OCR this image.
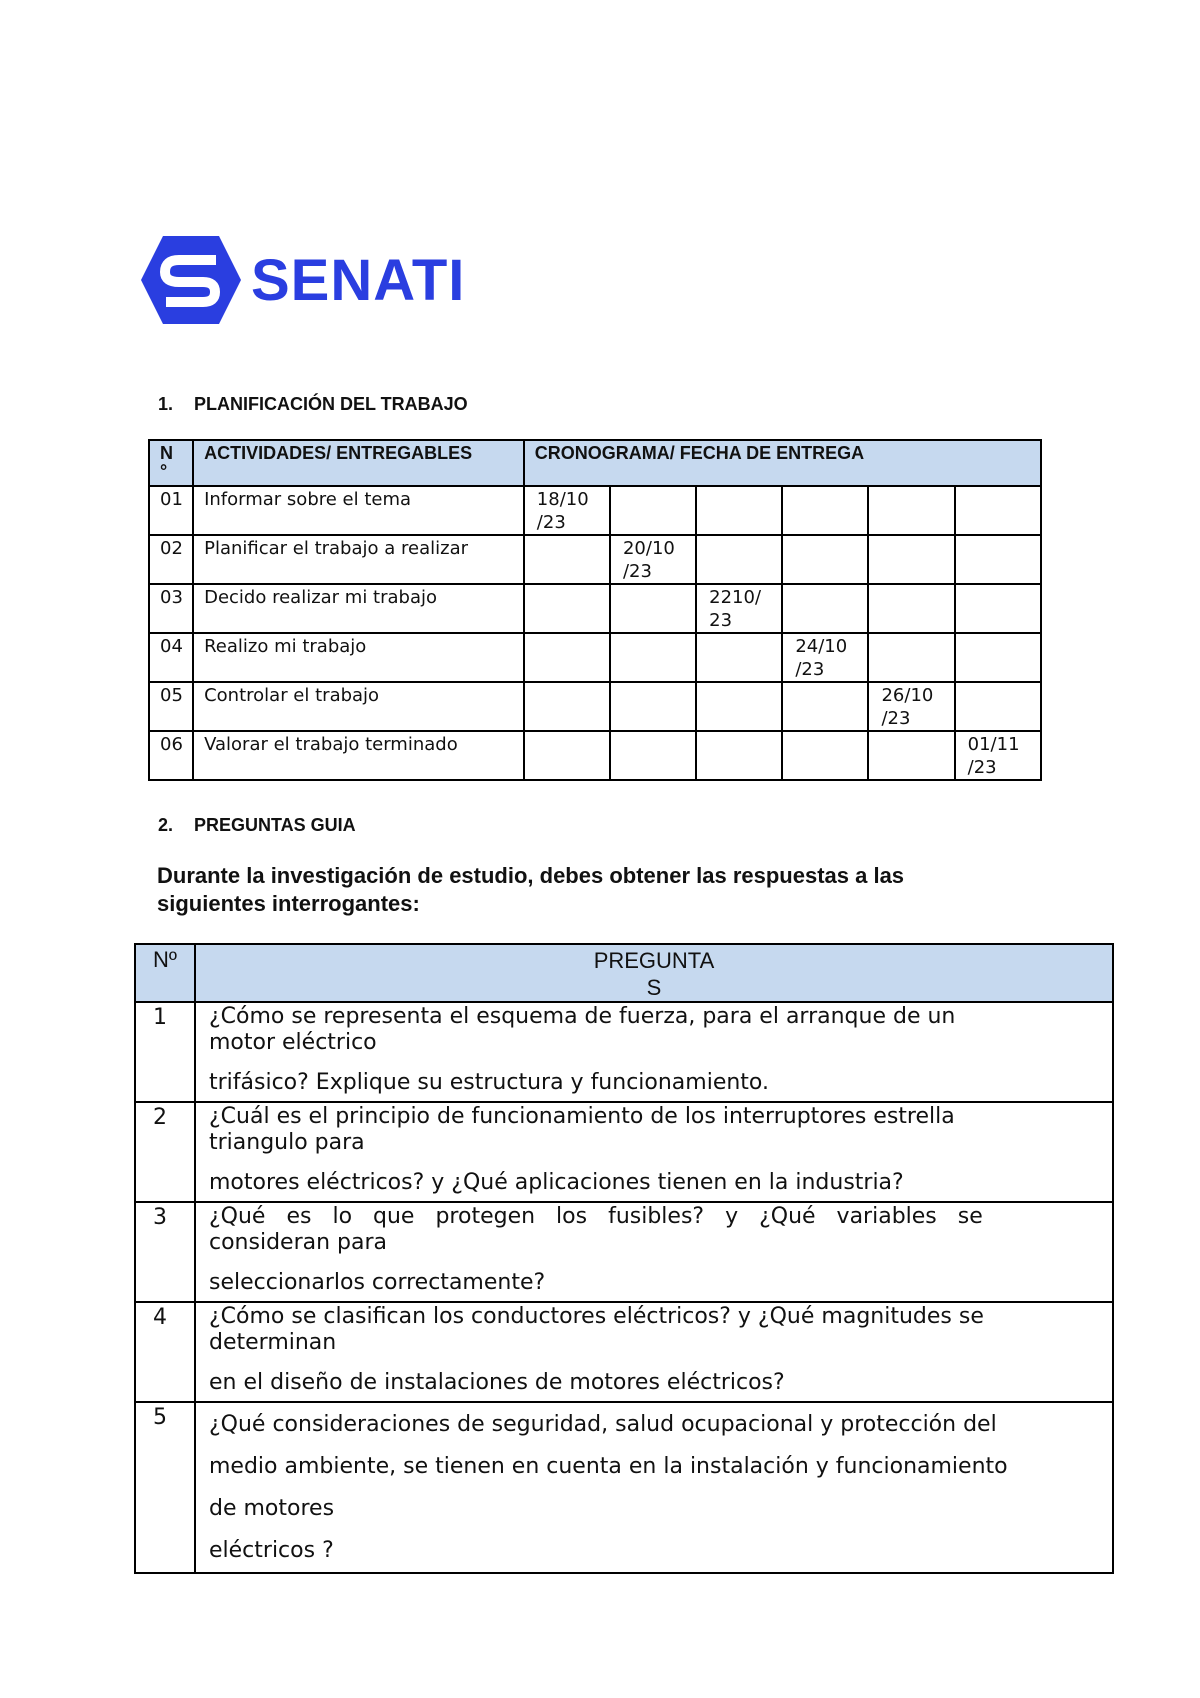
SENATI
1. PLANIFICACIÓN DEL TRABAJO
N
°	ACTIVIDADES/ ENTREGABLES	CRONOGRAMA/ FECHA DE ENTREGA					
01	Informar sobre el tema	18/10
/23					

02	Planificar el trabajo a realizar		20/10
/23				

03	Decido realizar mi trabajo			2210/
23			

04	Realizo mi trabajo				24/10
/23		

05	Controlar el trabajo					26/10
/23	

06	Valorar el trabajo terminado						01/11
/23
2. PREGUNTAS GUIA
Durante la investigación de estudio, debes obtener las respuestas a las
siguientes interrogantes:
Nº	PREGUNTA
S

1	¿Cómo se representa el esquema de fuerza, para el arranque de un
motor eléctrico
trifásico? Explique su estructura y funcionamiento.

2	¿Cuál es el principio de funcionamiento de los interruptores estrella
triangulo para
motores eléctricos? y ¿Qué aplicaciones tienen en la industria?

3	¿Qué es lo que protegen los fusibles? y ¿Qué variables se
consideran para
seleccionarlos correctamente?

4	¿Cómo se clasifican los conductores eléctricos? y ¿Qué magnitudes se
determinan
en el diseño de instalaciones de motores eléctricos?

5	¿Qué consideraciones de seguridad, salud ocupacional y protección del
medio ambiente, se tienen en cuenta en la instalación y funcionamiento
de motores
eléctricos ?
